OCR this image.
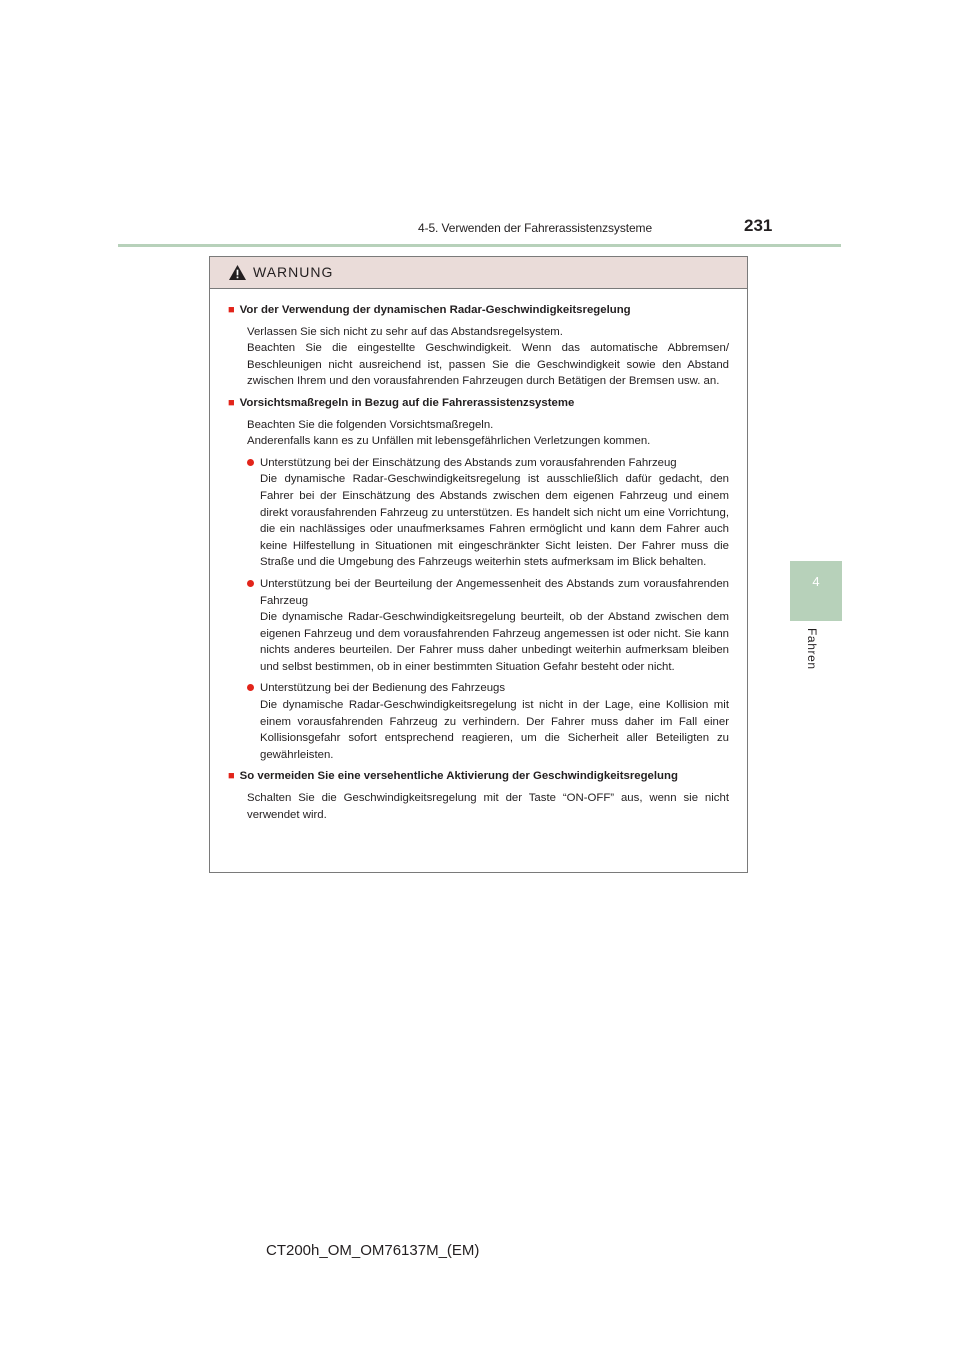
4-5. Verwenden der Fahrerassistenzsysteme	231
4
Fahren
WARNUNG
■ Vor der Verwendung der dynamischen Radar-Geschwindigkeitsregelung
Verlassen Sie sich nicht zu sehr auf das Abstandsregelsystem.
Beachten Sie die eingestellte Geschwindigkeit. Wenn das automatische Abbremsen/ Beschleunigen nicht ausreichend ist, passen Sie die Geschwindigkeit sowie den Abstand zwischen Ihrem und den vorausfahrenden Fahrzeugen durch Betätigen der Bremsen usw. an.
■ Vorsichtsmaßregeln in Bezug auf die Fahrerassistenzsysteme
Beachten Sie die folgenden Vorsichtsmaßregeln.
Anderenfalls kann es zu Unfällen mit lebensgefährlichen Verletzungen kommen.

Unterstützung bei der Einschätzung des Abstands zum vorausfahrenden Fahrzeug

Die dynamische Radar-Geschwindigkeitsregelung ist ausschließlich dafür gedacht, den Fahrer bei der Einschätzung des Abstands zwischen dem eigenen Fahrzeug und einem direkt vorausfahrenden Fahrzeug zu unterstützen. Es handelt sich nicht um eine Vorrichtung, die ein nachlässiges oder unaufmerksames Fahren ermöglicht und kann dem Fahrer auch keine Hilfestellung in Situationen mit eingeschränkter Sicht leisten. Der Fahrer muss die Straße und die Umgebung des Fahrzeugs weiterhin stets aufmerksam im Blick behalten.

Unterstützung bei der Beurteilung der Angemessenheit des Abstands zum vorausfahrenden Fahrzeug

Die dynamische Radar-Geschwindigkeitsregelung beurteilt, ob der Abstand zwischen dem eigenen Fahrzeug und dem vorausfahrenden Fahrzeug angemessen ist oder nicht. Sie kann nichts anderes beurteilen. Der Fahrer muss daher unbedingt weiterhin aufmerksam bleiben und selbst bestimmen, ob in einer bestimmten Situation Gefahr besteht oder nicht.

Unterstützung bei der Bedienung des Fahrzeugs

Die dynamische Radar-Geschwindigkeitsregelung ist nicht in der Lage, eine Kollision mit einem vorausfahrenden Fahrzeug zu verhindern. Der Fahrer muss daher im Fall einer Kollisionsgefahr sofort entsprechend reagieren, um die Sicherheit aller Beteiligten zu gewährleisten.

■ So vermeiden Sie eine versehentliche Aktivierung der Geschwindigkeitsregelung
Schalten Sie die Geschwindigkeitsregelung mit der Taste “ON-OFF” aus, wenn sie nicht verwendet wird.
CT200h_OM_OM76137M_(EM)
